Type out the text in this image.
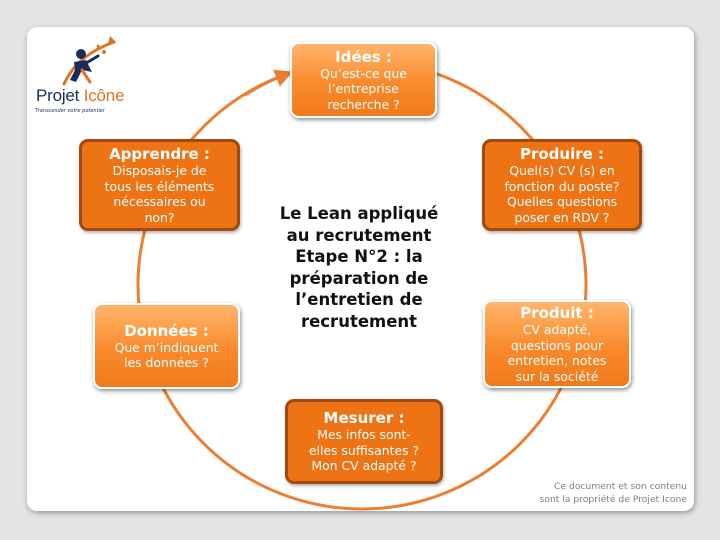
Projet Icône
Transcender votre potentiel
Le Lean appliqué
au recrutement
Etape N°2 : la
préparation de
l’entretien de
recrutement
Idées :
Qu’est-ce que
l’entreprise
recherche ?
Produire :
Quel(s) CV (s) en
fonction du poste?
Quelles questions
poser en RDV ?
Produit :
CV adapté,
questions pour
entretien, notes
sur la société
Mesurer :
Mes infos sont-
elles suffisantes ?
Mon CV adapté ?
Données :
Que m’indiquent
les données ?
Apprendre :
Disposais-je de
tous les éléments
nécessaires ou
non?
Ce document et son contenu
sont la propriété de Projet Icone
